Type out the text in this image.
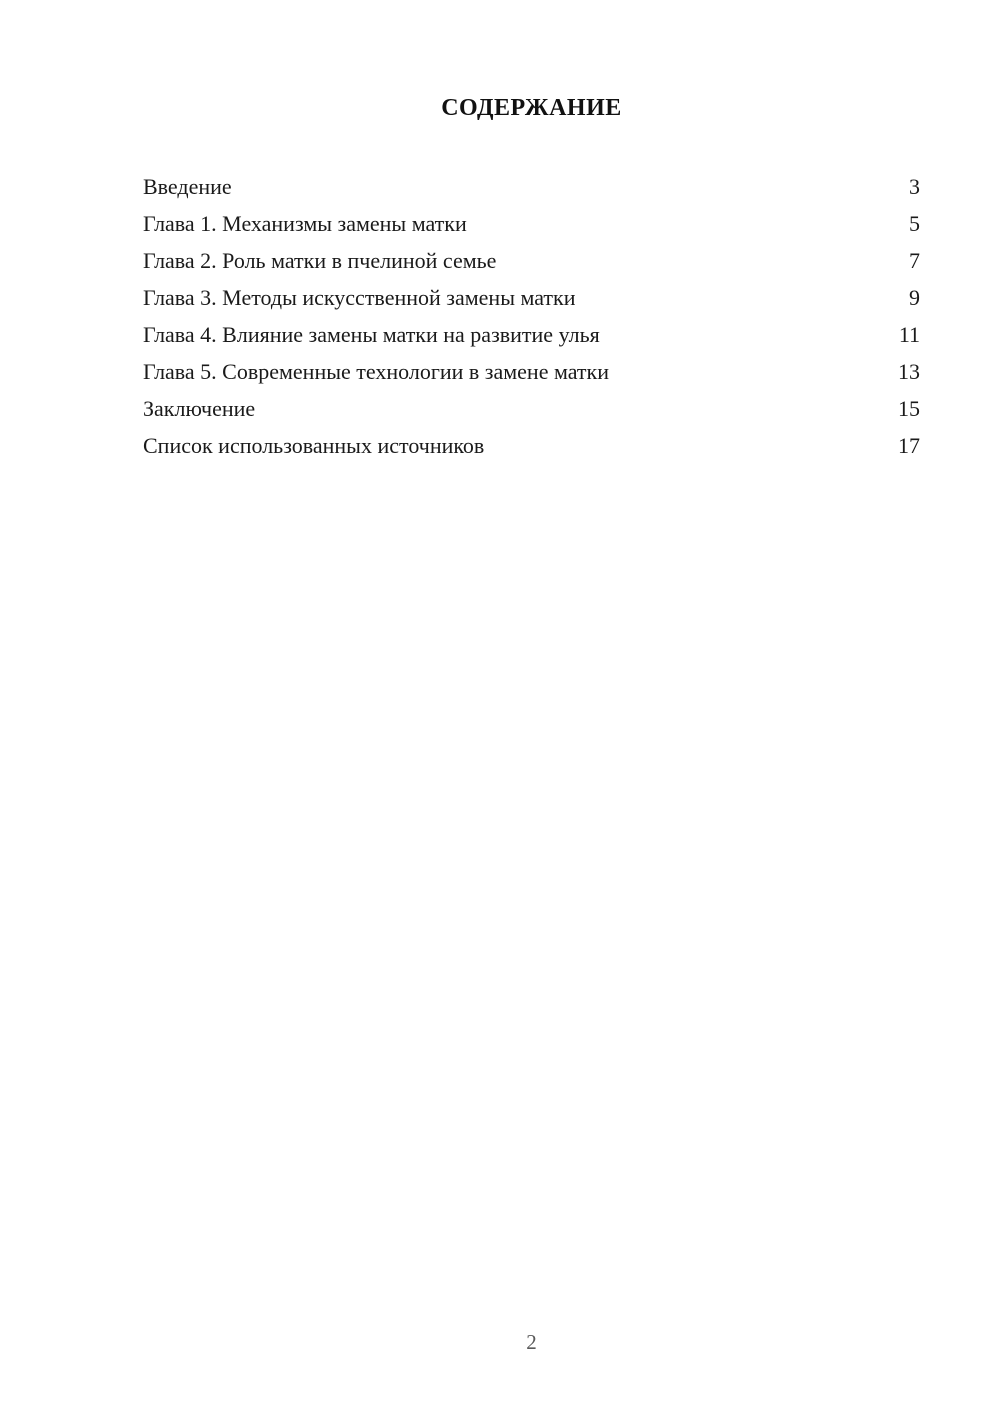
СОДЕРЖАНИЕ
Введение	3
Глава 1. Механизмы замены матки	5
Глава 2. Роль матки в пчелиной семье	7
Глава 3. Методы искусственной замены матки	9
Глава 4. Влияние замены матки на развитие улья	11
Глава 5. Современные технологии в замене матки	13
Заключение	15
Список использованных источников	17
2
